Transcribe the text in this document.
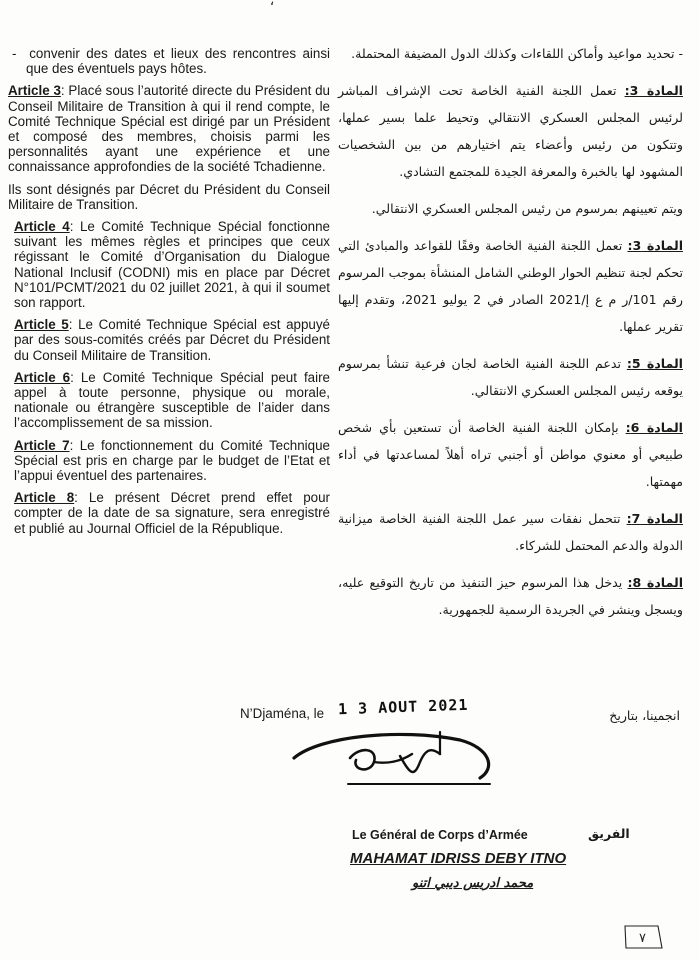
‘

-  convenir des dates et lieux des rencontres ainsi que des éventuels pays hôtes.

Article 3: Placé sous l’autorité directe du Président du Conseil Militaire de Transition à qui il rend compte, le Comité Technique Spécial est dirigé par un Président et composé des membres, choisis parmi les personnalités ayant une expérience et une connaissance approfondies de la société Tchadienne.

Ils sont désignés par Décret du Président du Conseil Militaire de Transition.

Article 4: Le Comité Technique Spécial fonctionne suivant les mêmes règles et principes que ceux régissant le Comité d’Organisation du Dialogue National Inclusif (CODNI) mis en place par Décret N°101/PCMT/2021 du 02 juillet 2021, à qui il soumet son rapport.

Article 5: Le Comité Technique Spécial est appuyé par des sous-comités créés par Décret du Président du Conseil Militaire de Transition.

Article 6: Le Comité Technique Spécial peut faire appel à toute personne, physique ou morale, nationale ou étrangère susceptible de l’aider dans l’accomplissement de sa mission.

Article 7: Le fonctionnement du Comité Technique Spécial est pris en charge par le budget de l’Etat et l’appui éventuel des partenaires.

Article 8: Le présent Décret prend effet pour compter de la date de sa signature, sera enregistré et publié au Journal Officiel de la République.

- تحديد مواعيد وأماكن اللقاءات وكذلك الدول المضيفة المحتملة.

المادة 3: تعمل اللجنة الفنية الخاصة تحت الإشراف المباشر لرئيس المجلس العسكري الانتقالي وتحيط علما بسير عملها، وتتكون من رئيس وأعضاء يتم اختيارهم من بين الشخصيات المشهود لها بالخبرة والمعرفة الجيدة للمجتمع التشادي.

ويتم تعيينهم بمرسوم من رئيس المجلس العسكري الانتقالي.

المادة 3: تعمل اللجنة الفنية الخاصة وفقًا للقواعد والمبادئ التي تحكم لجنة تنظيم الحوار الوطني الشامل المنشأة بموجب المرسوم رقم 101/ر م ع إ/2021 الصادر في 2 يوليو 2021، وتقدم إليها تقرير عملها.

المادة 5: تدعم اللجنة الفنية الخاصة لجان فرعية تنشأ بمرسوم يوقعه رئيس المجلس العسكري الانتقالي.

المادة 6: بإمكان اللجنة الفنية الخاصة أن تستعين بأي شخص طبيعي أو معنوي مواطن أو أجنبي تراه أهلاً لمساعدتها في أداء مهمتها.

المادة 7: تتحمل نفقات سير عمل اللجنة الفنية الخاصة ميزانية الدولة والدعم المحتمل للشركاء.

المادة 8: يدخل هذا المرسوم حيز التنفيذ من تاريخ التوقيع عليه، ويسجل وينشر في الجريدة الرسمية للجمهورية.

N’Djaména, le 1 3 AOUT 2021	انجمينا، بتاريخ
Le Général de Corps d’Armée	الفريق
MAHAMAT IDRISS DEBY ITNO
محمد ادريس ديبي اتنو
٧
